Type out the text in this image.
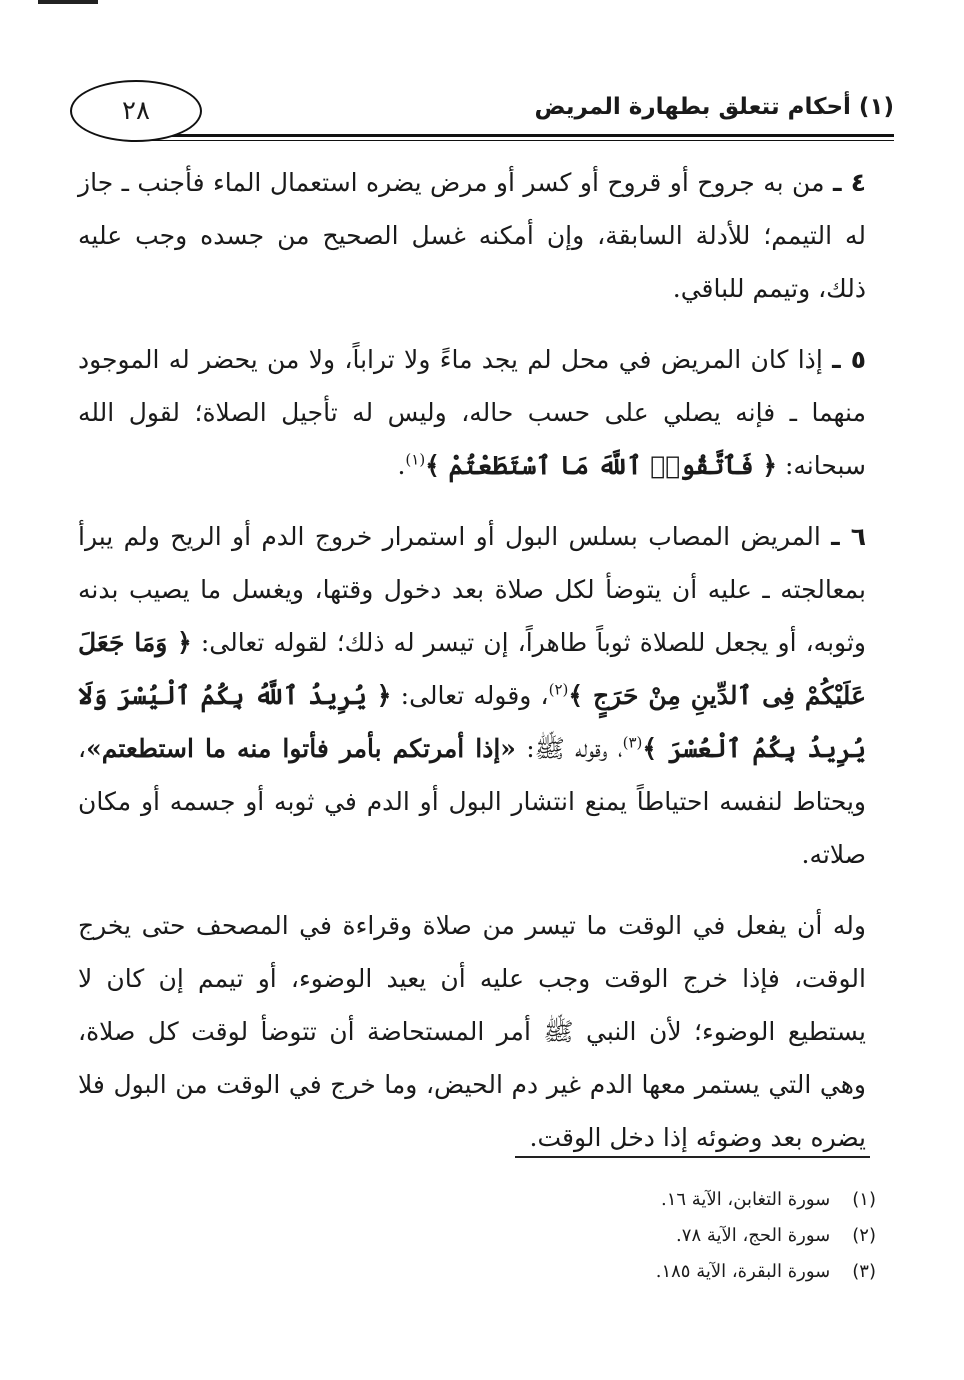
٢٨	(١) أحكام تتعلق بطهارة المريض

٤ ـ من به جروح أو قروح أو كسر أو مرض يضره استعمال الماء فأجنب ـ جاز له التيمم؛ للأدلة السابقة، وإن أمكنه غسل الصحيح من جسده وجب عليه ذلك، وتيمم للباقي.

٥ ـ إذا كان المريض في محل لم يجد ماءً ولا تراباً، ولا من يحضر له الموجود منهما ـ فإنه يصلي على حسب حاله، وليس له تأجيل الصلاة؛ لقول الله سبحانه: ﴿ فَٱتَّقُوا۟ ٱللَّهَ مَا ٱسْتَطَعْتُمْ ﴾$^{(١)}$.

٦ ـ المريض المصاب بسلس البول أو استمرار خروج الدم أو الريح ولم يبرأ بمعالجته ـ عليه أن يتوضأ لكل صلاة بعد دخول وقتها، ويغسل ما يصيب بدنه وثوبه، أو يجعل للصلاة ثوباً طاهراً، إن تيسر له ذلك؛ لقوله تعالى: ﴿ وَمَا جَعَلَ عَلَيْكُمْ فِى ٱلدِّينِ مِنْ حَرَجٍ ﴾$^{(٢)}$، وقوله تعالى: ﴿ يُرِيدُ ٱللَّهُ بِكُمُ ٱلْيُسْرَ وَلَا يُرِيدُ بِكُمُ ٱلْعُسْرَ ﴾$^{(٣)}$، وقوله ﷺ: «إذا أمرتكم بأمر فأتوا منه ما استطعتم»، ويحتاط لنفسه احتياطاً يمنع انتشار البول أو الدم في ثوبه أو جسمه أو مكان صلاته.

وله أن يفعل في الوقت ما تيسر من صلاة وقراءة في المصحف حتى يخرج الوقت، فإذا خرج الوقت وجب عليه أن يعيد الوضوء، أو تيمم إن كان لا يستطيع الوضوء؛ لأن النبي ﷺ أمر المستحاضة أن تتوضأ لوقت كل صلاة، وهي التي يستمر معها الدم غير دم الحيض، وما خرج في الوقت من البول فلا يضره بعد وضوئه إذا دخل الوقت.

(١)
سورة التغابن، الآية ١٦.
(٢)
سورة الحج، الآية ٧٨.
(٣)
سورة البقرة، الآية ١٨٥.
